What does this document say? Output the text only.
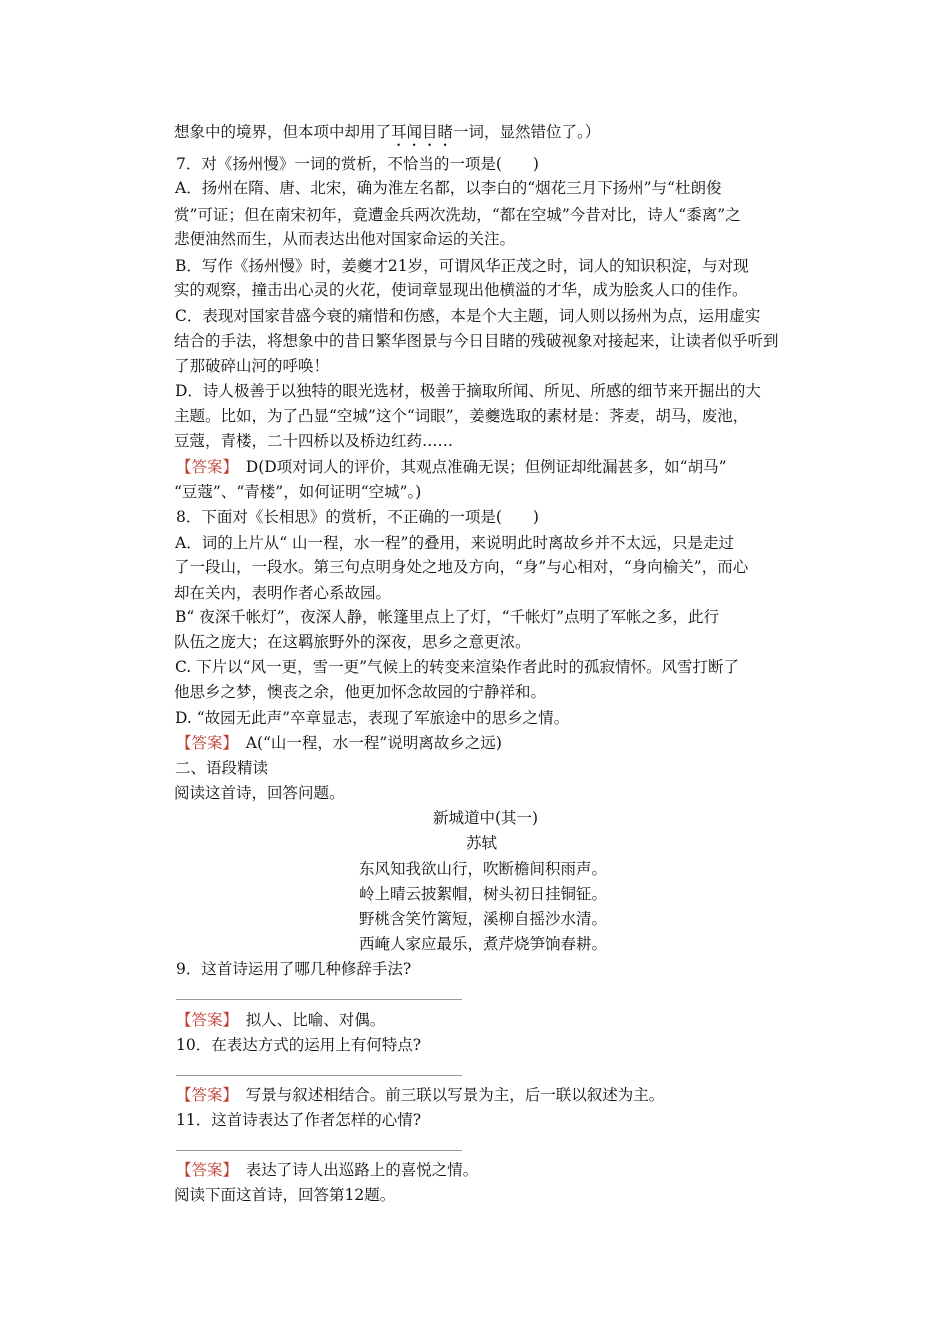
想象中的境界，但本项中却用了耳闻目睹一词，显然错位了。）
7．对《扬州慢》一词的赏析，不恰当的一项是(　　)
A．扬州在隋、唐、北宋，确为淮左名都，以李白的“烟花三月下扬州”与“杜朗俊
赏”可证；但在南宋初年，竟遭金兵两次洗劫，“都在空城”今昔对比，诗人“黍离”之
悲便油然而生，从而表达出他对国家命运的关注。
B．写作《扬州慢》时，姜夔才21岁，可谓风华正茂之时，词人的知识积淀，与对现
实的观察，撞击出心灵的火花，使词章显现出他横溢的才华，成为脍炙人口的佳作。
C．表现对国家昔盛今衰的痛惜和伤感，本是个大主题，词人则以扬州为点，运用虚实
结合的手法，将想象中的昔日繁华图景与今日目睹的残破视象对接起来，让读者似乎听到
了那破碎山河的呼唤！
D．诗人极善于以独特的眼光选材，极善于摘取所闻、所见、所感的细节来开掘出的大
主题。比如，为了凸显“空城”这个“词眼”，姜夔选取的素材是：荠麦，胡马，废池，
豆蔻，青楼，二十四桥以及桥边红药……
【答案】　D(D项对词人的评价，其观点准确无误；但例证却纰漏甚多，如“胡马”
“豆蔻”、“青楼”，如何证明“空城”。)
8．下面对《长相思》的赏析，不正确的一项是(　　)
A．词的上片从“ 山一程，水一程”的叠用，来说明此时离故乡并不太远，只是走过
了一段山，一段水。第三句点明身处之地及方向，“身”与心相对，“身向榆关”，而心
却在关内，表明作者心系故园。
B“ 夜深千帐灯”，夜深人静，帐篷里点上了灯，“千帐灯”点明了军帐之多，此行
队伍之庞大；在这羁旅野外的深夜，思乡之意更浓。
C. 下片以“风一更，雪一更”气候上的转变来渲染作者此时的孤寂情怀。风雪打断了
他思乡之梦，懊丧之余，他更加怀念故园的宁静祥和。
D. “故园无此声”卒章显志，表现了军旅途中的思乡之情。
【答案】　A(“山一程，水一程”说明离故乡之远)
二、语段精读
阅读这首诗，回答问题。
新城道中(其一)
苏轼
东风知我欲山行，吹断檐间积雨声。
岭上晴云披絮帽，树头初日挂铜钲。
野桃含笑竹篱短，溪柳自摇沙水清。
西崦人家应最乐，煮芹烧笋饷春耕。
9．这首诗运用了哪几种修辞手法?
【答案】　拟人、比喻、对偶。
10．在表达方式的运用上有何特点?
【答案】　写景与叙述相结合。前三联以写景为主，后一联以叙述为主。
11．这首诗表达了作者怎样的心情?
【答案】　表达了诗人出巡路上的喜悦之情。
阅读下面这首诗，回答第12题。
